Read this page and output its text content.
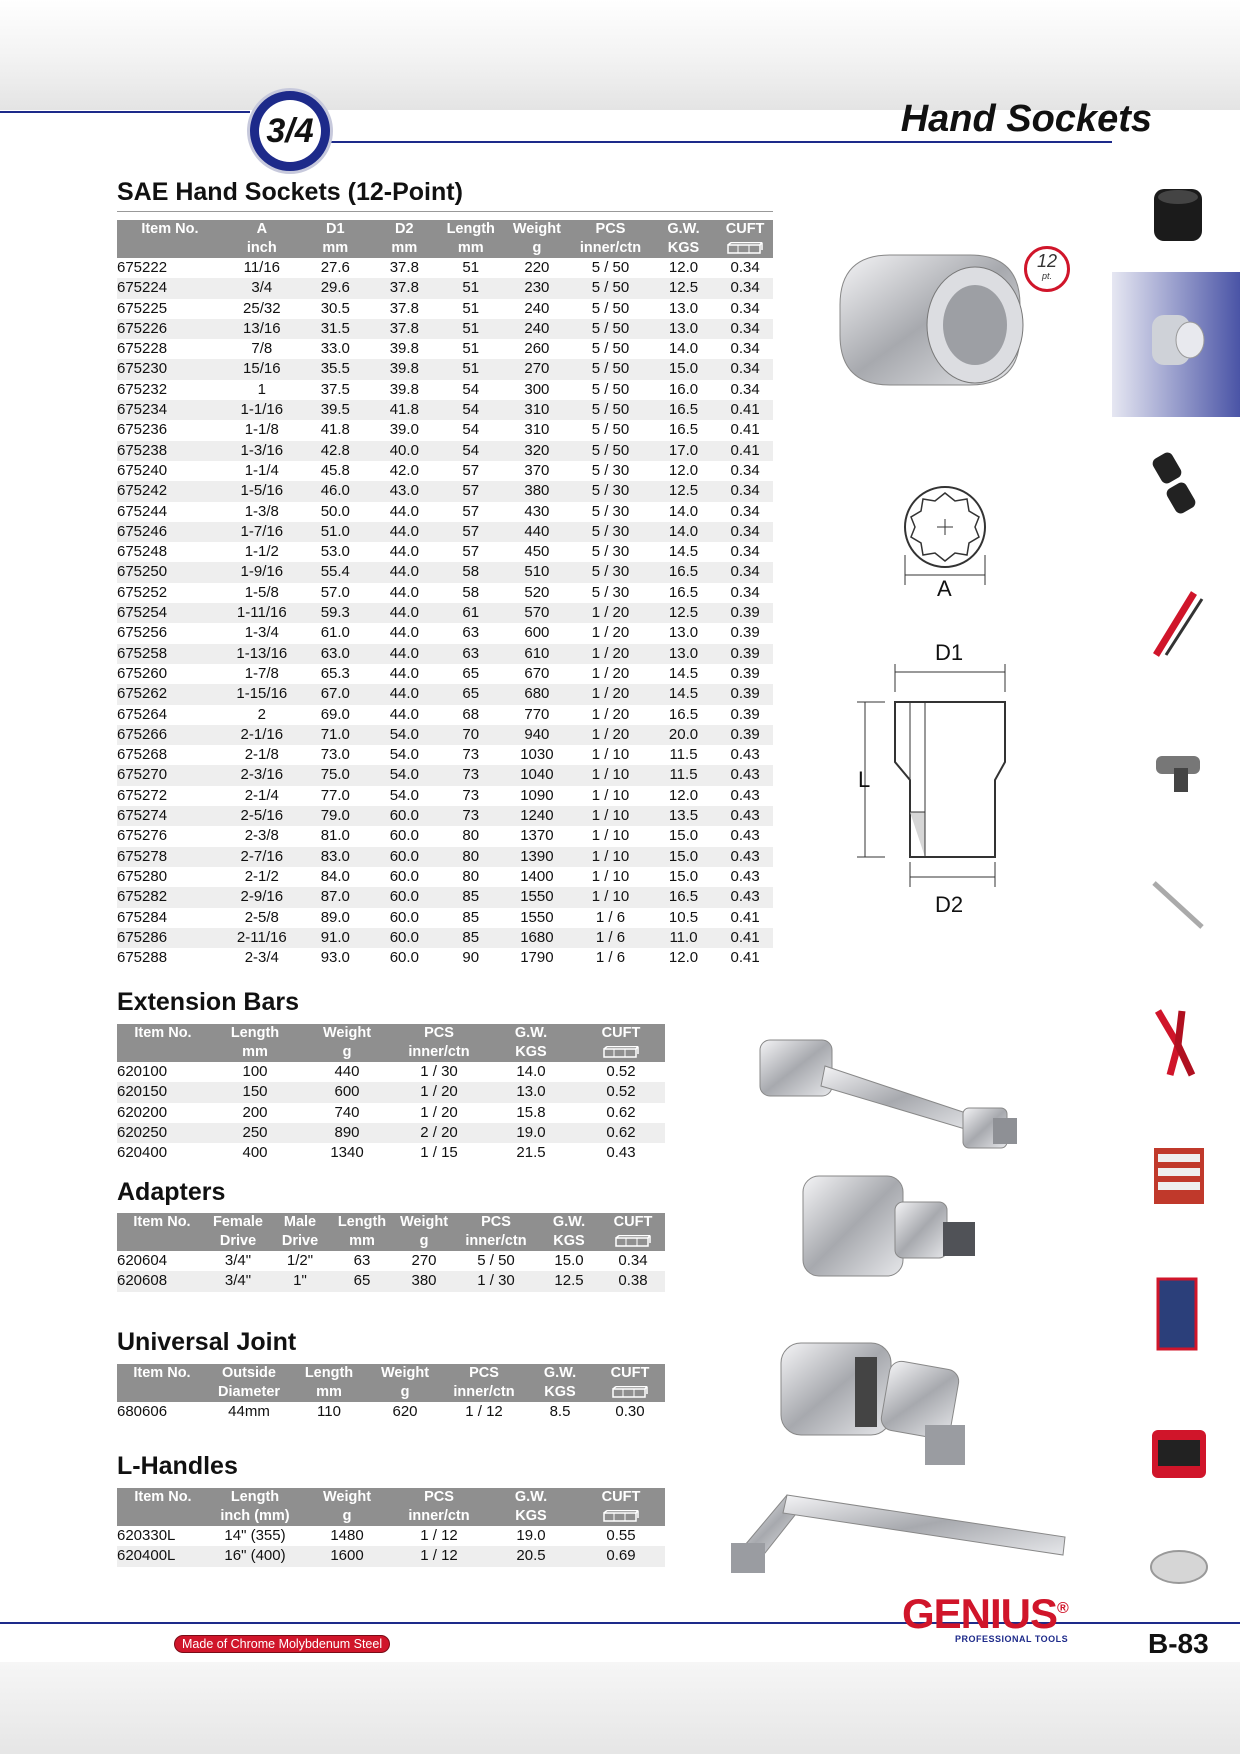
3/4	Hand Sockets
SAE Hand Sockets (12-Point)
Item No.	A	D1	D2	Length	Weight	PCS	G.W.	CUFT
	inch	mm	mm	mm	g	inner/ctn	KGS	
675222	11/16	27.6	37.8	51	220	5 / 50	12.0	0.34
675224	3/4	29.6	37.8	51	230	5 / 50	12.5	0.34
675225	25/32	30.5	37.8	51	240	5 / 50	13.0	0.34
675226	13/16	31.5	37.8	51	240	5 / 50	13.0	0.34
675228	7/8	33.0	39.8	51	260	5 / 50	14.0	0.34
675230	15/16	35.5	39.8	51	270	5 / 50	15.0	0.34
675232	1	37.5	39.8	54	300	5 / 50	16.0	0.34
675234	1-1/16	39.5	41.8	54	310	5 / 50	16.5	0.41
675236	1-1/8	41.8	39.0	54	310	5 / 50	16.5	0.41
675238	1-3/16	42.8	40.0	54	320	5 / 50	17.0	0.41
675240	1-1/4	45.8	42.0	57	370	5 / 30	12.0	0.34
675242	1-5/16	46.0	43.0	57	380	5 / 30	12.5	0.34
675244	1-3/8	50.0	44.0	57	430	5 / 30	14.0	0.34
675246	1-7/16	51.0	44.0	57	440	5 / 30	14.0	0.34
675248	1-1/2	53.0	44.0	57	450	5 / 30	14.5	0.34
675250	1-9/16	55.4	44.0	58	510	5 / 30	16.5	0.34
675252	1-5/8	57.0	44.0	58	520	5 / 30	16.5	0.34
675254	1-11/16	59.3	44.0	61	570	1 / 20	12.5	0.39
675256	1-3/4	61.0	44.0	63	600	1 / 20	13.0	0.39
675258	1-13/16	63.0	44.0	63	610	1 / 20	13.0	0.39
675260	1-7/8	65.3	44.0	65	670	1 / 20	14.5	0.39
675262	1-15/16	67.0	44.0	65	680	1 / 20	14.5	0.39
675264	2	69.0	44.0	68	770	1 / 20	16.5	0.39
675266	2-1/16	71.0	54.0	70	940	1 / 20	20.0	0.39
675268	2-1/8	73.0	54.0	73	1030	1 / 10	11.5	0.43
675270	2-3/16	75.0	54.0	73	1040	1 / 10	11.5	0.43
675272	2-1/4	77.0	54.0	73	1090	1 / 10	12.0	0.43
675274	2-5/16	79.0	60.0	73	1240	1 / 10	13.5	0.43
675276	2-3/8	81.0	60.0	80	1370	1 / 10	15.0	0.43
675278	2-7/16	83.0	60.0	80	1390	1 / 10	15.0	0.43
675280	2-1/2	84.0	60.0	80	1400	1 / 10	15.0	0.43
675282	2-9/16	87.0	60.0	85	1550	1 / 10	16.5	0.43
675284	2-5/8	89.0	60.0	85	1550	1 / 6	10.5	0.41
675286	2-11/16	91.0	60.0	85	1680	1 / 6	11.0	0.41
675288	2-3/4	93.0	60.0	90	1790	1 / 6	12.0	0.41
Extension Bars
Item No.	Length	Weight	PCS	G.W.	CUFT
	mm	g	inner/ctn	KGS	
620100	100	440	1 / 30	14.0	0.52
620150	150	600	1 / 20	13.0	0.52
620200	200	740	1 / 20	15.8	0.62
620250	250	890	2 / 20	19.0	0.62
620400	400	1340	1 / 15	21.5	0.43
Adapters
Item No.	Female	Male	Length	Weight	PCS	G.W.	CUFT
	Drive	Drive	mm	g	inner/ctn	KGS	
620604	3/4"	1/2"	63	270	5 / 50	15.0	0.34
620608	3/4"	1"	65	380	1 / 30	12.5	0.38
Universal Joint
Item No.	Outside	Length	Weight	PCS	G.W.	CUFT
	Diameter	mm	g	inner/ctn	KGS	
680606	44mm	110	620	1 / 12	8.5	0.30
L-Handles
Item No.	Length	Weight	PCS	G.W.	CUFT
	inch (mm)	g	inner/ctn	KGS	
620330L	14" (355)	1480	1 / 12	19.0	0.55
620400L	16" (400)	1600	1 / 12	20.5	0.69
12
pt.
A
D1
L
D2
Made of Chrome Molybdenum Steel
GENIUS®
PROFESSIONAL TOOLS	B-83
